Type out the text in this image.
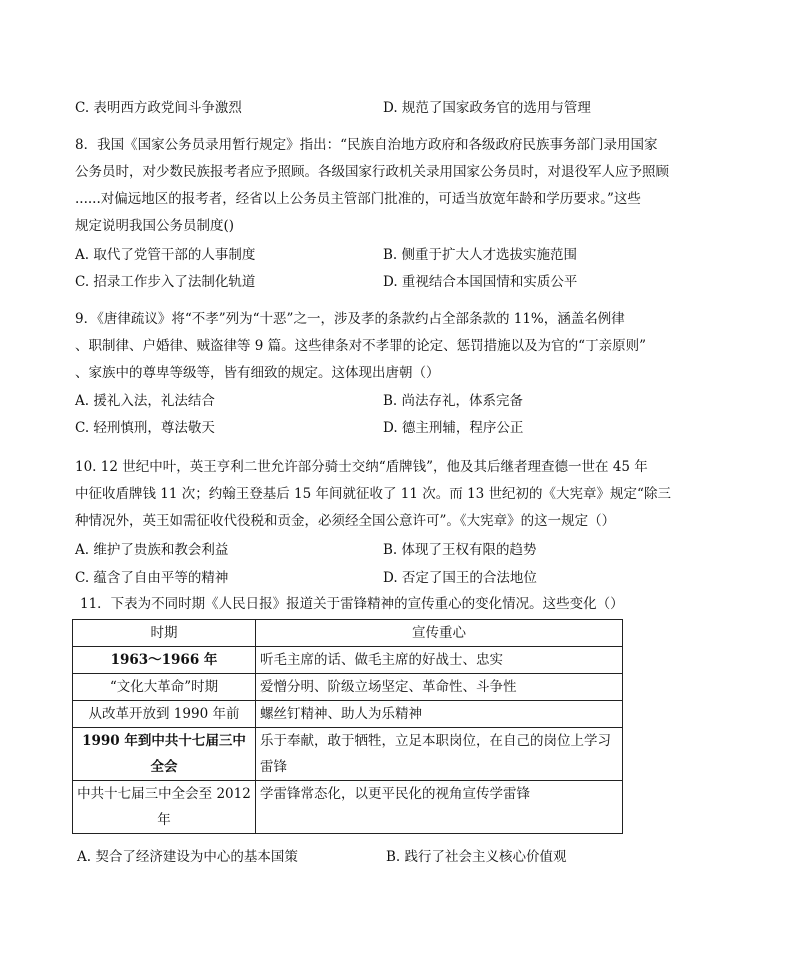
C. 表明西方政党间斗争激烈	D. 规范了国家政务官的选用与管理
8．我国《国家公务员录用暂行规定》指出：“民族自治地方政府和各级政府民族事务部门录用国家
公务员时，对少数民族报考者应予照顾。各级国家行政机关录用国家公务员时，对退役军人应予照顾
......对偏远地区的报考者，经省以上公务员主管部门批准的，可适当放宽年龄和学历要求。”这些
规定说明我国公务员制度()
A. 取代了党管干部的人事制度	B. 侧重于扩大人才选拔实施范围
C. 招录工作步入了法制化轨道	D. 重视结合本国国情和实质公平
9．《唐律疏议》将“不孝”列为“十恶”之一，涉及孝的条款约占全部条款的 11%，涵盖名例律
、职制律、户婚律、贼盗律等 9 篇。这些律条对不孝罪的论定、惩罚措施以及为官的“丁亲原则”
、家族中的尊卑等级等，皆有细致的规定。这体现出唐朝（）
A. 援礼入法，礼法结合	B. 尚法存礼，体系完备
C. 轻刑慎刑，尊法敬天	D. 德主刑辅，程序公正
10. 12 世纪中叶，英王亨利二世允许部分骑士交纳“盾牌钱”，他及其后继者理查德一世在 45 年
中征收盾牌钱 11 次；约翰王登基后 15 年间就征收了 11 次。而 13 世纪初的《大宪章》规定“除三
种情况外，英王如需征收代役税和贡金，必须经全国公意许可”。《大宪章》的这一规定（）
A. 维护了贵族和教会利益	B. 体现了王权有限的趋势
C. 蕴含了自由平等的精神	D. 否定了国王的合法地位
11．下表为不同时期《人民日报》报道关于雷锋精神的宣传重心的变化情况。这些变化（）
时期	宣传重心
1963～1966 年	听毛主席的话、做毛主席的好战士、忠实
“文化大革命”时期	爱憎分明、阶级立场坚定、革命性、斗争性
从改革开放到 1990 年前	螺丝钉精神、助人为乐精神
1990 年到中共十七届三中全会	乐于奉献，敢于牺牲，立足本职岗位，在自己的岗位上学习雷锋
中共十七届三中全会至 2012 年	学雷锋常态化，以更平民化的视角宣传学雷锋
A. 契合了经济建设为中心的基本国策	B. 践行了社会主义核心价值观
